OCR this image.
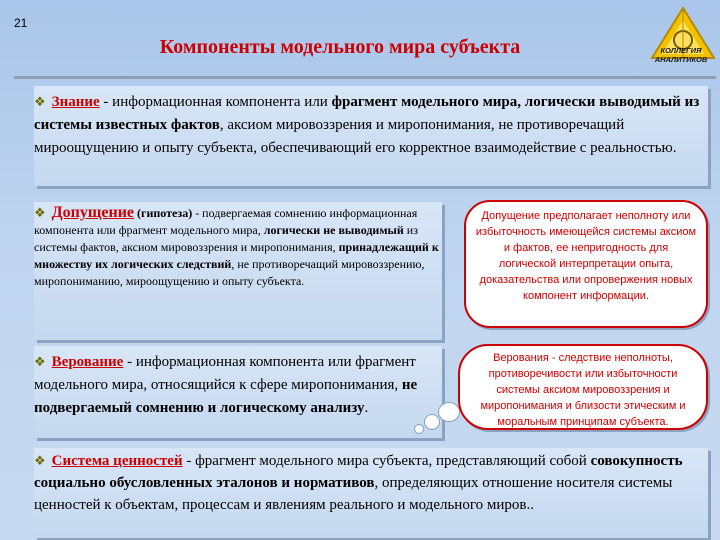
21
Компоненты модельного мира субъекта	КОЛЛЕГИЯ
АНАЛИТИКОВ
❖ Знание - информационная компонента или фрагмент модельного мира, логически выводимый из системы известных фактов, аксиом мировоззрения и миропонимания, не противоречащий мироощущению и опыту субъекта, обеспечивающий его корректное взаимодействие с реальностью.
❖ Допущение (гипотеза) - подвергаемая сомнению информационная компонента или фрагмент модельного мира, логически не выводимый из системы фактов, аксиом мировоззрения и миропонимания, принадлежащий к множеству их логических следствий, не противоречащий мировоззрению, миропониманию, мироощущению и опыту субъекта.
❖ Верование - информационная компонента или фрагмент модельного мира, относящийся к сфере миропонимания, не подвергаемый сомнению и логическому анализу.
❖ Система ценностей - фрагмент модельного мира субъекта, представляющий собой совокупность социально обусловленных эталонов и нормативов, определяющих отношение носителя системы ценностей к объектам, процессам и явлениям реального и модельного миров..
Допущение предполагает неполноту или избыточность имеющейся системы аксиом и фактов, ее непригодность для логической интерпретации опыта, доказательства или опровержения новых компонент информации.
Верования - следствие неполноты, противоречивости или избыточности системы аксиом мировоззрения и миропонимания и близости этическим и моральным принципам субъекта.
